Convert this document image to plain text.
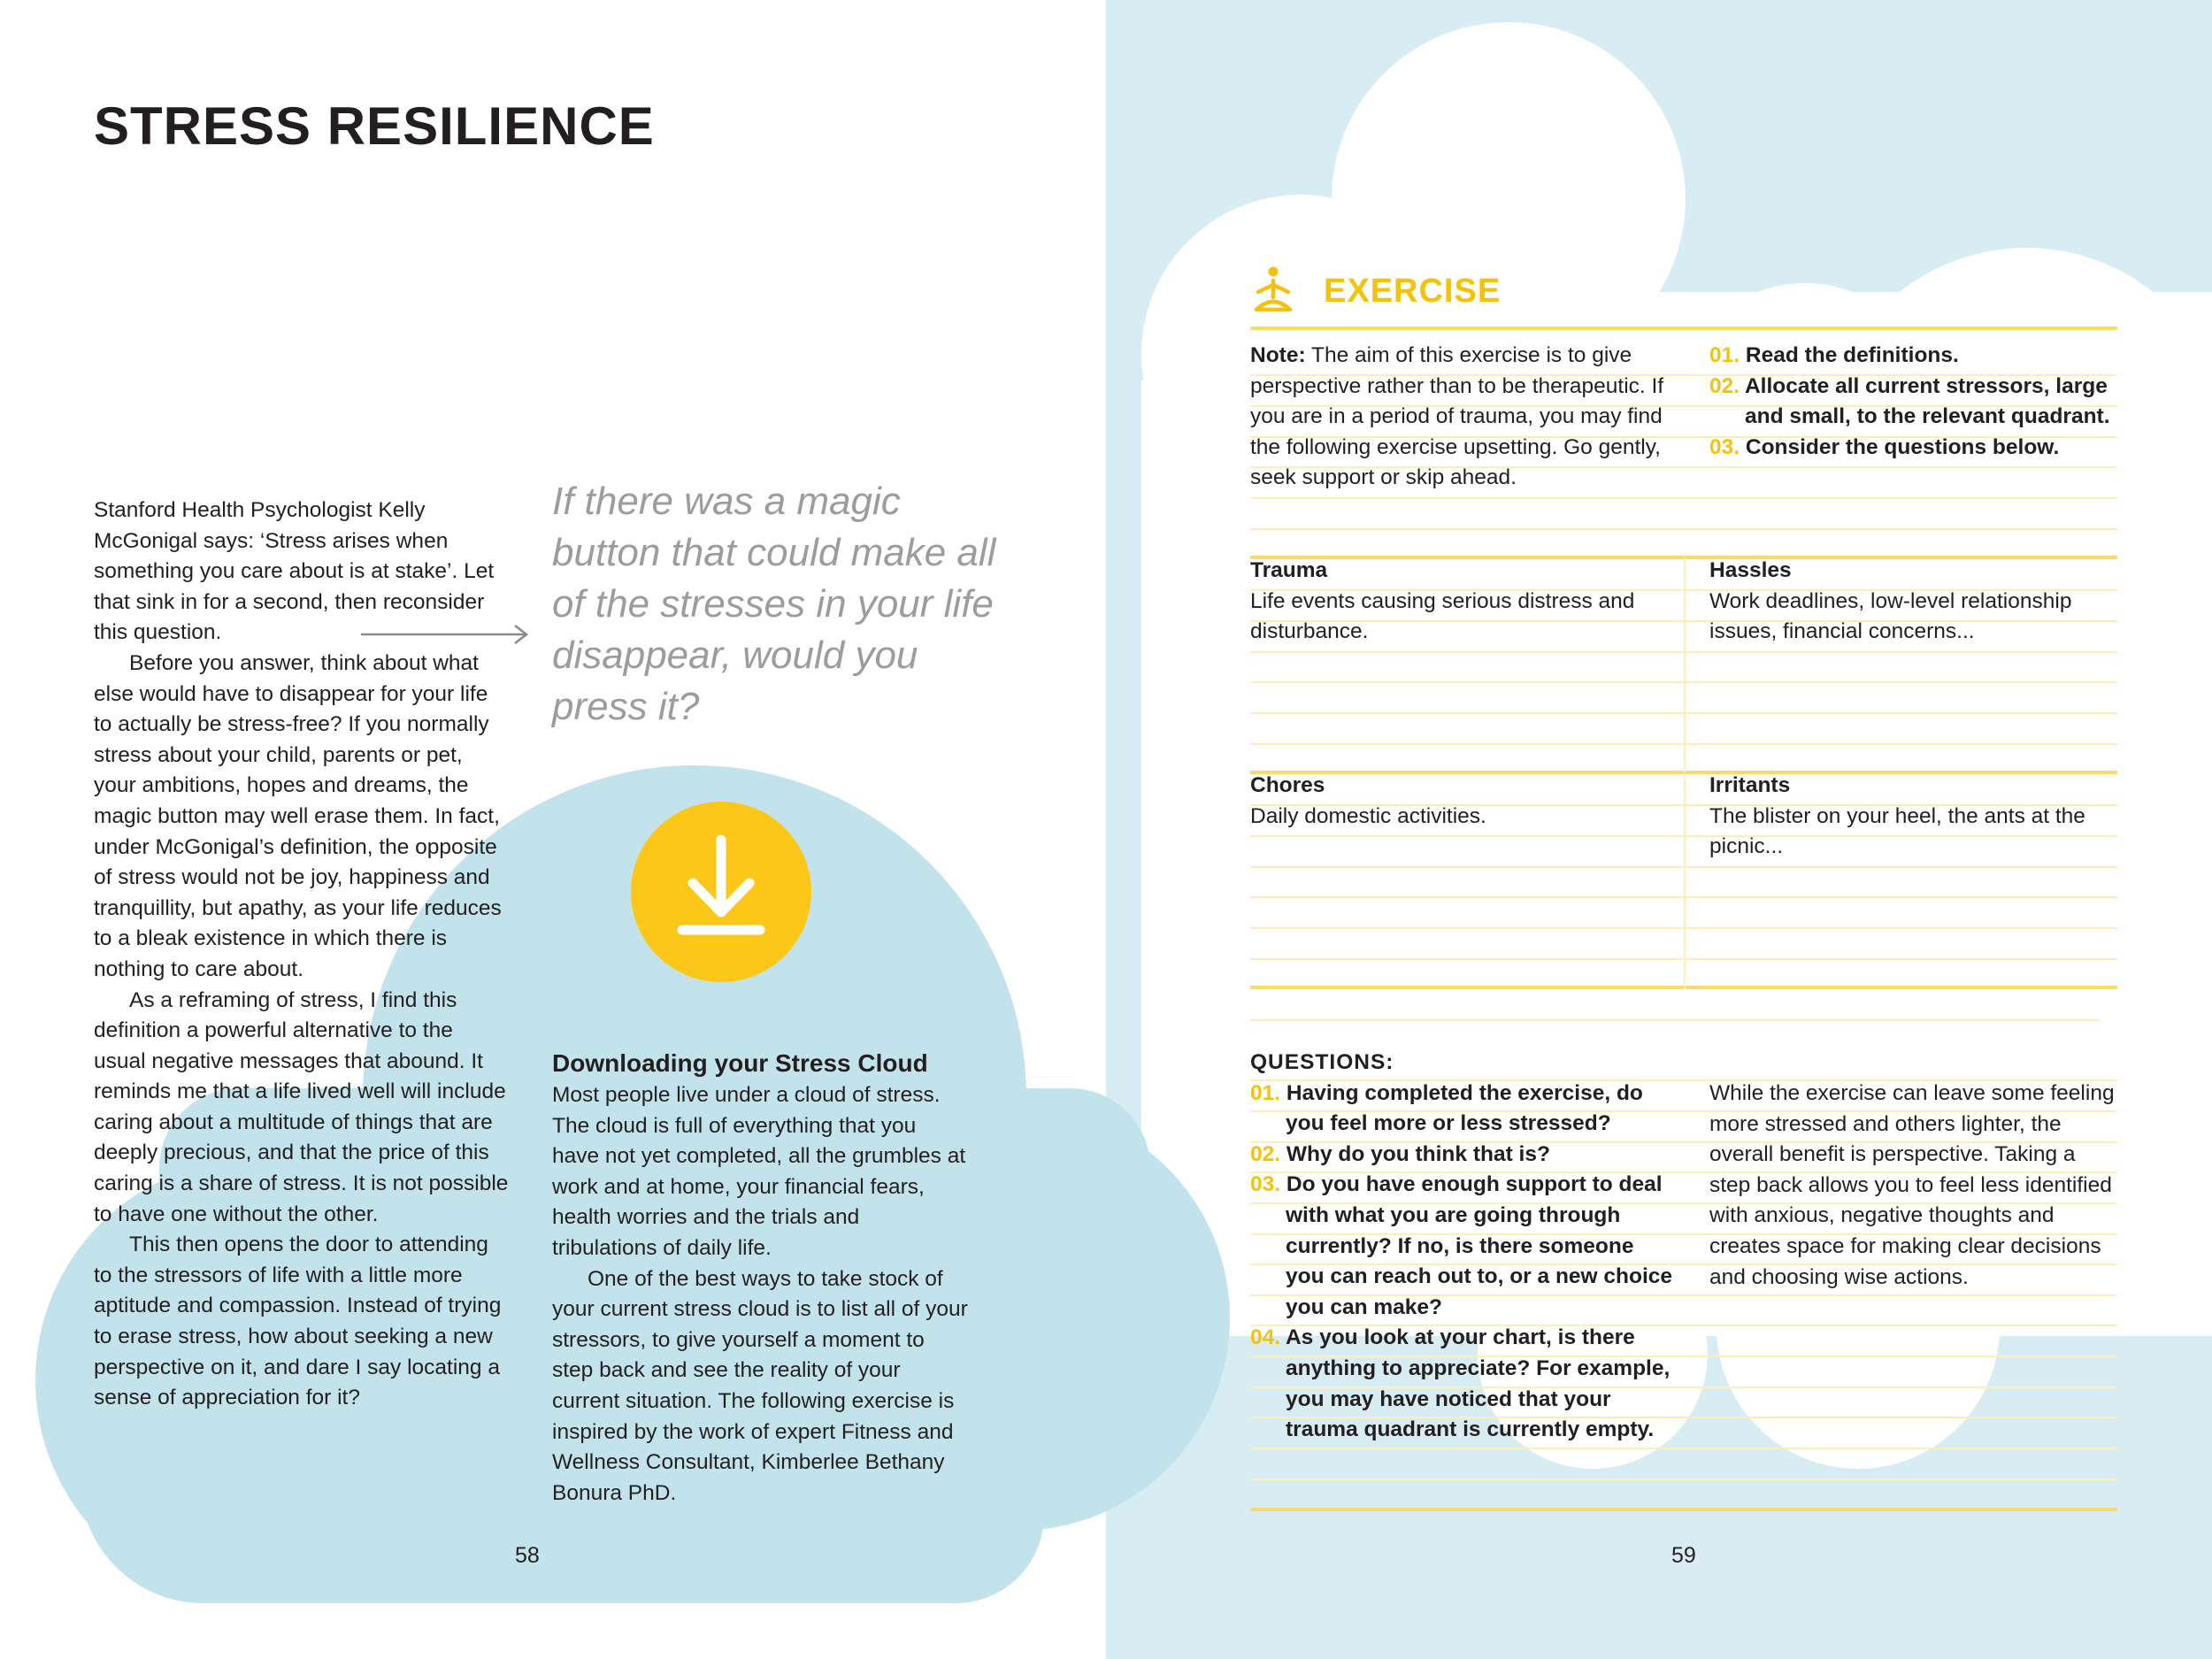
STRESS RESILIENCE

Stanford Health Psychologist Kelly McGonigal says: ‘Stress arises when something you care about is at stake’. Let that sink in for a second, then reconsider this question.

Before you answer, think about what else would have to disappear for your life to actually be stress-free? If you normally stress about your child, parents or pet, your ambitions, hopes and dreams, the magic button may well erase them. In fact, under McGonigal’s definition, the opposite of stress would not be joy, happiness and tranquillity, but apathy, as your life reduces to a bleak existence in which there is nothing to care about.

As a reframing of stress, I find this definition a powerful alternative to the usual negative messages that abound. It reminds me that a life lived well will include caring about a multitude of things that are deeply precious, and that the price of this caring is a share of stress. It is not possible to have one without the other.

This then opens the door to attending to the stressors of life with a little more aptitude and compassion. Instead of trying to erase stress, how about seeking a new perspective on it, and dare I say locating a sense of appreciation for it?

If there was a magic button that could make all of the stresses in your life disappear, would you press it?
Downloading your Stress Cloud

Most people live under a cloud of stress. The cloud is full of everything that you have not yet completed, all the grumbles at work and at home, your financial fears, health worries and the trials and tribulations of daily life.

One of the best ways to take stock of your current stress cloud is to list all of your stressors, to give yourself a moment to step back and see the reality of your current situation. The following exercise is inspired by the work of expert Fitness and Wellness Consultant, Kimberlee Bethany Bonura PhD.

58
EXERCISE

Note: The aim of this exercise is to give perspective rather than to be therapeutic. If you are in a period of trauma, you may find the following exercise upsetting. Go gently, seek support or skip ahead.

01. Read the definitions.

02. Allocate all current stressors, large and small, to the relevant quadrant.

03. Consider the questions below.

Trauma

Life events causing serious distress and disturbance.

Hassles

Work deadlines, low-level relationship issues, financial concerns...

Chores

Daily domestic activities.

Irritants

The blister on your heel, the ants at the picnic...

QUESTIONS:

01. Having completed the exercise, do you feel more or less stressed?

02. Why do you think that is?

03. Do you have enough support to deal with what you are going through currently? If no, is there someone you can reach out to, or a new choice you can make?

04. As you look at your chart, is there anything to appreciate? For example, you may have noticed that your trauma quadrant is currently empty.

While the exercise can leave some feeling more stressed and others lighter, the overall benefit is perspective. Taking a step back allows you to feel less identified with anxious, negative thoughts and creates space for making clear decisions and choosing wise actions.

59
